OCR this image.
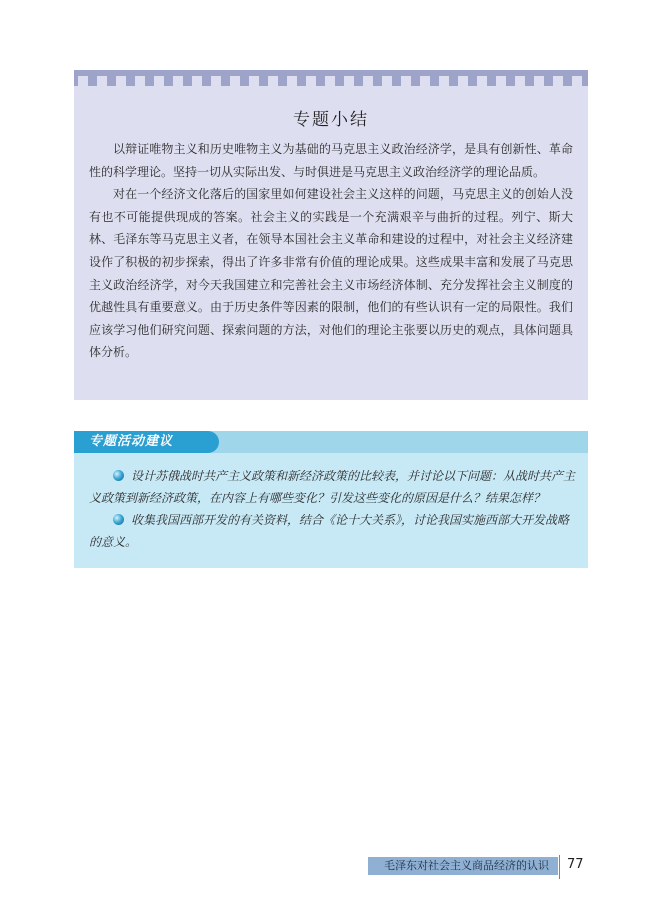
专题小结

以辩证唯物主义和历史唯物主义为基础的马克思主义政治经济学，是具有创新性、革命性的科学理论。坚持一切从实际出发、与时俱进是马克思主义政治经济学的理论品质。

对在一个经济文化落后的国家里如何建设社会主义这样的问题，马克思主义的创始人没有也不可能提供现成的答案。社会主义的实践是一个充满艰辛与曲折的过程。列宁、斯大林、毛泽东等马克思主义者，在领导本国社会主义革命和建设的过程中，对社会主义经济建设作了积极的初步探索，得出了许多非常有价值的理论成果。这些成果丰富和发展了马克思主义政治经济学，对今天我国建立和完善社会主义市场经济体制、充分发挥社会主义制度的优越性具有重要意义。由于历史条件等因素的限制，他们的有些认识有一定的局限性。我们应该学习他们研究问题、探索问题的方法，对他们的理论主张要以历史的观点，具体问题具体分析。

专题活动建议

设计苏俄战时共产主义政策和新经济政策的比较表，并讨论以下问题：从战时共产主义政策到新经济政策，在内容上有哪些变化？引发这些变化的原因是什么？结果怎样？

收集我国西部开发的有关资料，结合《论十大关系》，讨论我国实施西部大开发战略的意义。

毛泽东对社会主义商品经济的认识 77
